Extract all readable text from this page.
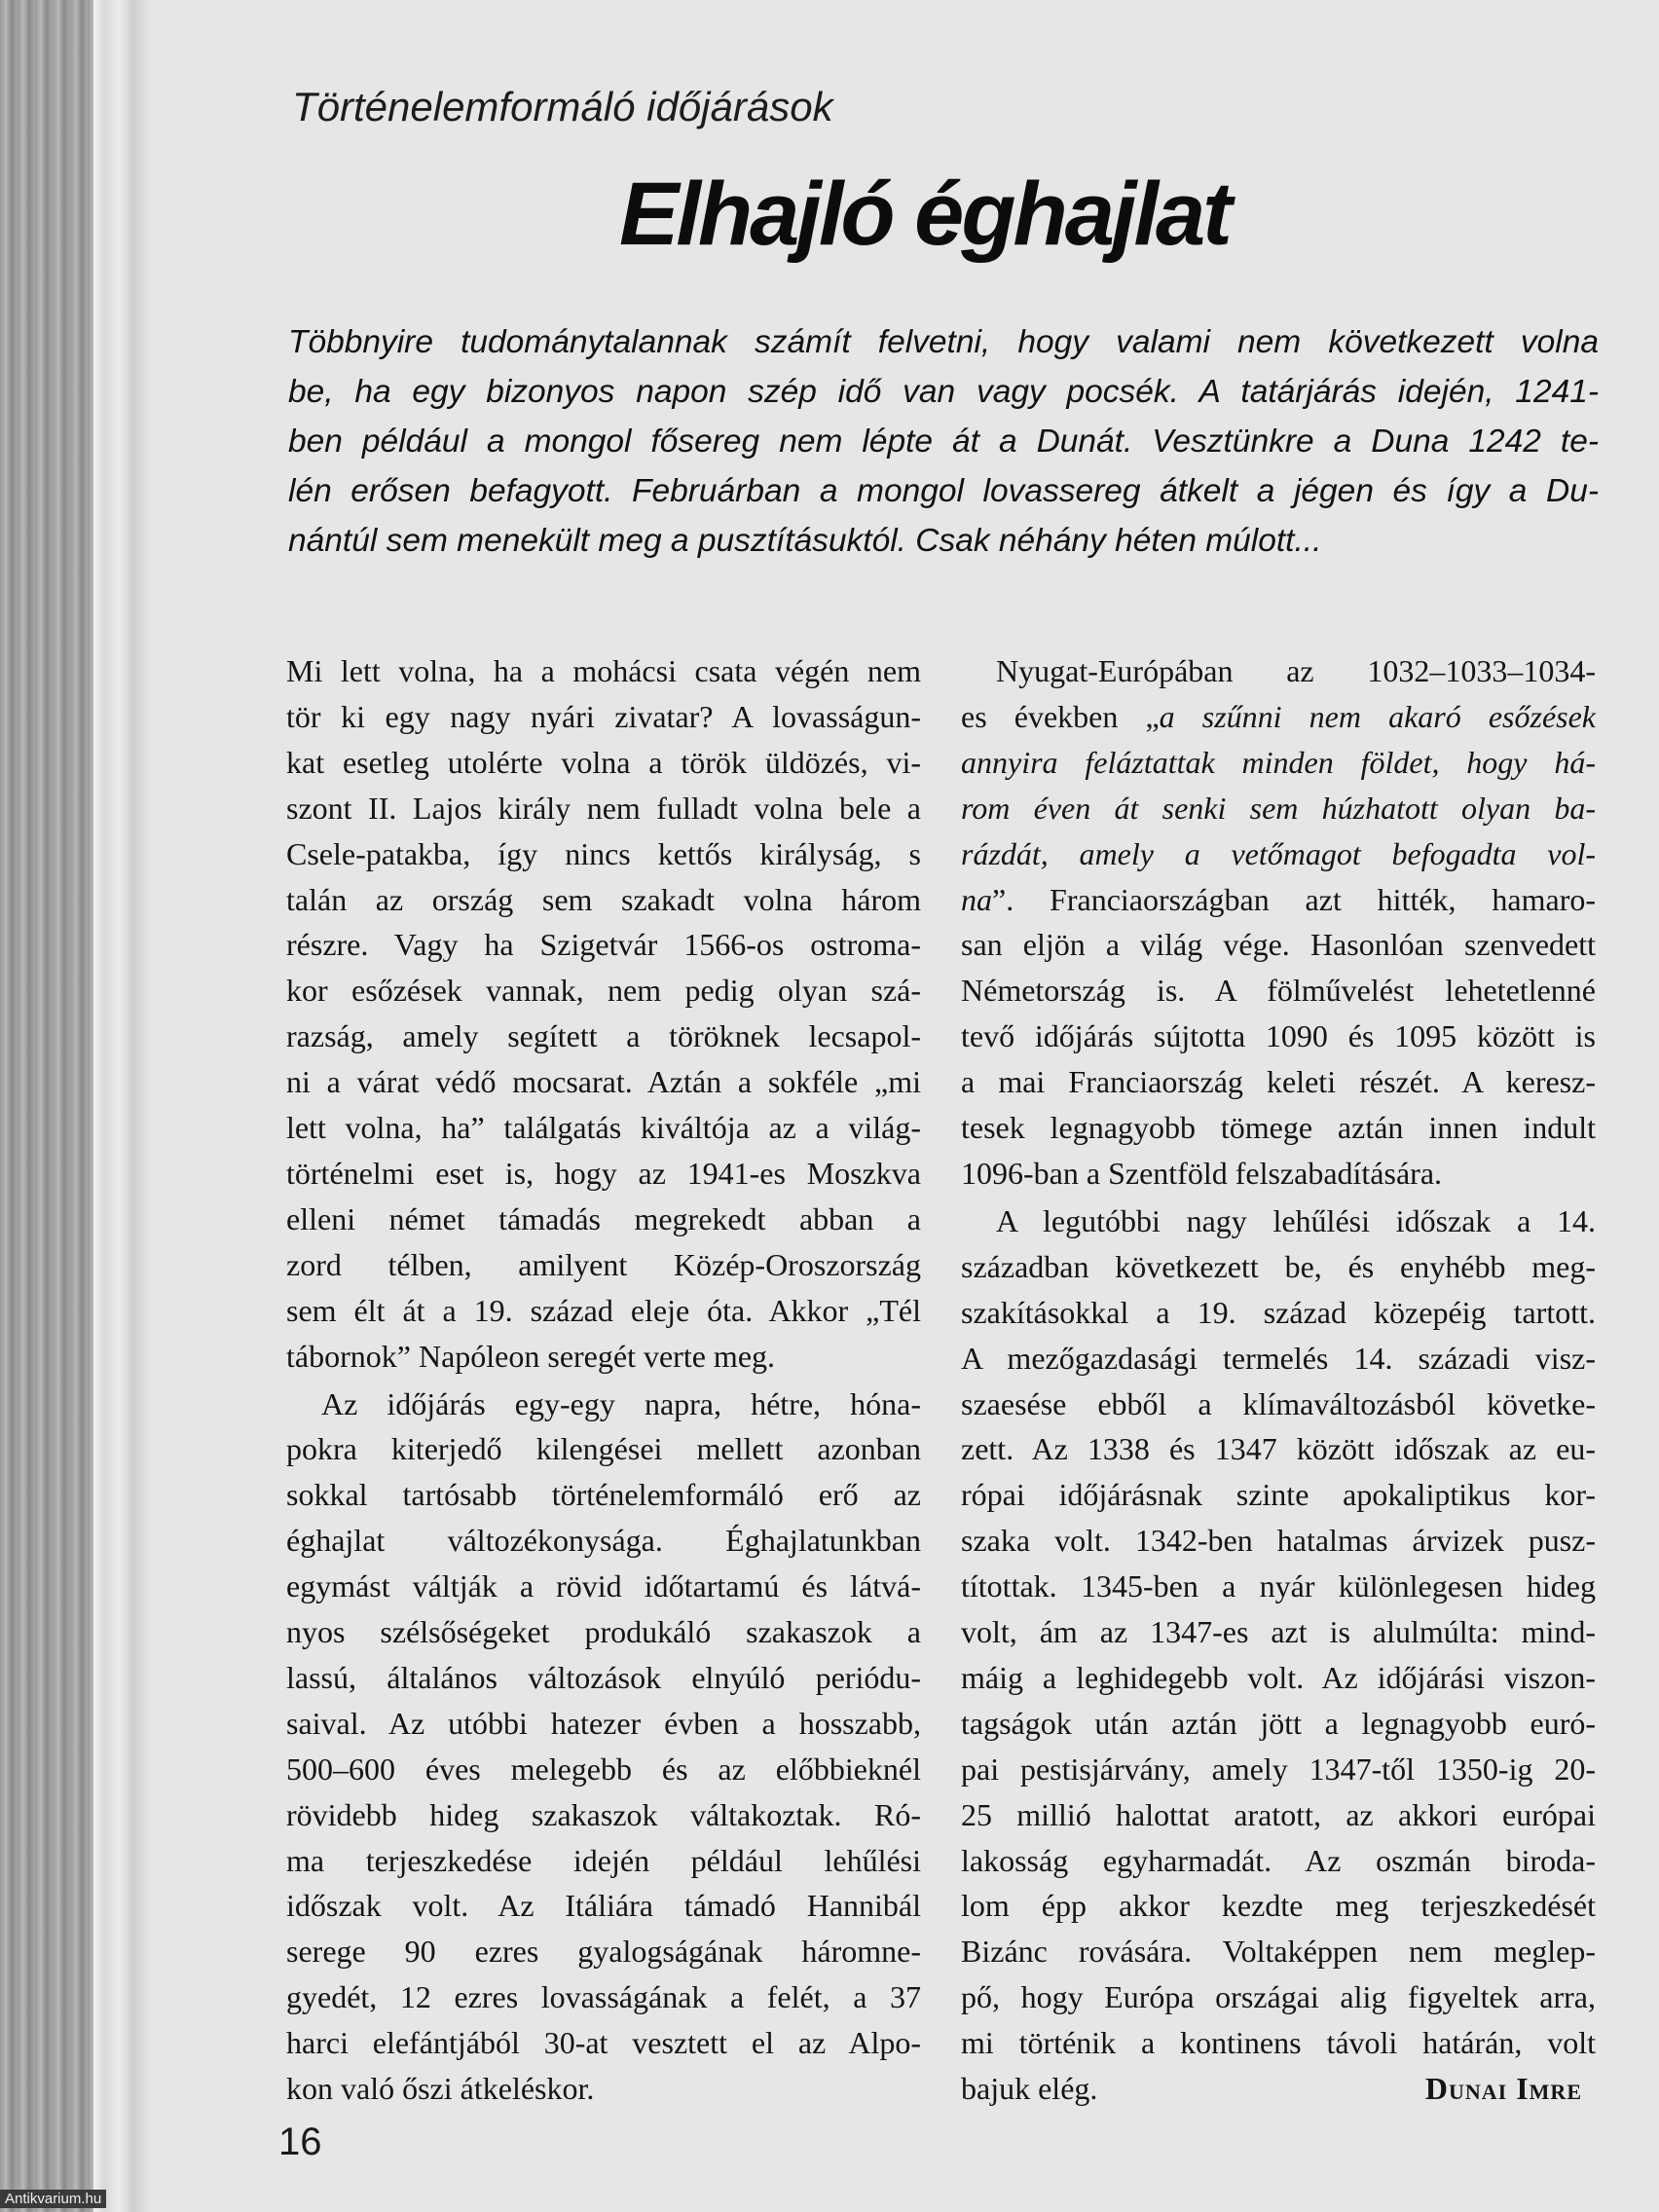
Történelemformáló időjárások
Elhajló éghajlat
Többnyire tudománytalannak számít felvetni, hogy valami nem következett volna
be, ha egy bizonyos napon szép idő van vagy pocsék. A tatárjárás idején, 1241-
ben például a mongol fősereg nem lépte át a Dunát. Vesztünkre a Duna 1242 te-
lén erősen befagyott. Februárban a mongol lovassereg átkelt a jégen és így a Du-
nántúl sem menekült meg a pusztításuktól. Csak néhány héten múlott...
Mi lett volna, ha a mohácsi csata végén nem
tör ki egy nagy nyári zivatar? A lovasságun-
kat esetleg utolérte volna a török üldözés, vi-
szont II. Lajos király nem fulladt volna bele a
Csele-patakba, így nincs kettős királyság, s
talán az ország sem szakadt volna három
részre. Vagy ha Szigetvár 1566-os ostroma-
kor esőzések vannak, nem pedig olyan szá-
razság, amely segített a töröknek lecsapol-
ni a várat védő mocsarat. Aztán a sokféle „mi
lett volna, ha” találgatás kiváltója az a világ-
történelmi eset is, hogy az 1941-es Moszkva
elleni német támadás megrekedt abban a
zord télben, amilyent Közép-Oroszország
sem élt át a 19. század eleje óta. Akkor „Tél
tábornok” Napóleon seregét verte meg.
Az időjárás egy-egy napra, hétre, hóna-
pokra kiterjedő kilengései mellett azonban
sokkal tartósabb történelemformáló erő az
éghajlat változékonysága. Éghajlatunkban
egymást váltják a rövid időtartamú és látvá-
nyos szélsőségeket produkáló szakaszok a
lassú, általános változások elnyúló periódu-
saival. Az utóbbi hatezer évben a hosszabb,
500–600 éves melegebb és az előbbieknél
rövidebb hideg szakaszok váltakoztak. Ró-
ma terjeszkedése idején például lehűlési
időszak volt. Az Itáliára támadó Hannibál
serege 90 ezres gyalogságának háromne-
gyedét, 12 ezres lovasságának a felét, a 37
harci elefántjából 30-at vesztett el az Alpo-
kon való őszi átkeléskor.
Nyugat-Európában az 1032–1033–1034-
es években „a szűnni nem akaró esőzések
annyira feláztattak minden földet, hogy há-
rom éven át senki sem húzhatott olyan ba-
rázdát, amely a vetőmagot befogadta vol-
na”. Franciaországban azt hitték, hamaro-
san eljön a világ vége. Hasonlóan szenvedett
Németország is. A fölművelést lehetetlenné
tevő időjárás sújtotta 1090 és 1095 között is
a mai Franciaország keleti részét. A keresz-
tesek legnagyobb tömege aztán innen indult
1096-ban a Szentföld felszabadítására.
A legutóbbi nagy lehűlési időszak a 14.
században következett be, és enyhébb meg-
szakításokkal a 19. század közepéig tartott.
A mezőgazdasági termelés 14. századi visz-
szaesése ebből a klímaváltozásból követke-
zett. Az 1338 és 1347 között időszak az eu-
rópai időjárásnak szinte apokaliptikus kor-
szaka volt. 1342-ben hatalmas árvizek pusz-
títottak. 1345-ben a nyár különlegesen hideg
volt, ám az 1347-es azt is alulmúlta: mind-
máig a leghidegebb volt. Az időjárási viszon-
tagságok után aztán jött a legnagyobb euró-
pai pestisjárvány, amely 1347-től 1350-ig 20-
25 millió halottat aratott, az akkori európai
lakosság egyharmadát. Az oszmán biroda-
lom épp akkor kezdte meg terjeszkedését
Bizánc rovására. Voltaképpen nem meglep-
pő, hogy Európa országai alig figyeltek arra,
mi történik a kontinens távoli határán, volt
bajuk elég.	Dunai Imre
16
Antikvarium.hu
